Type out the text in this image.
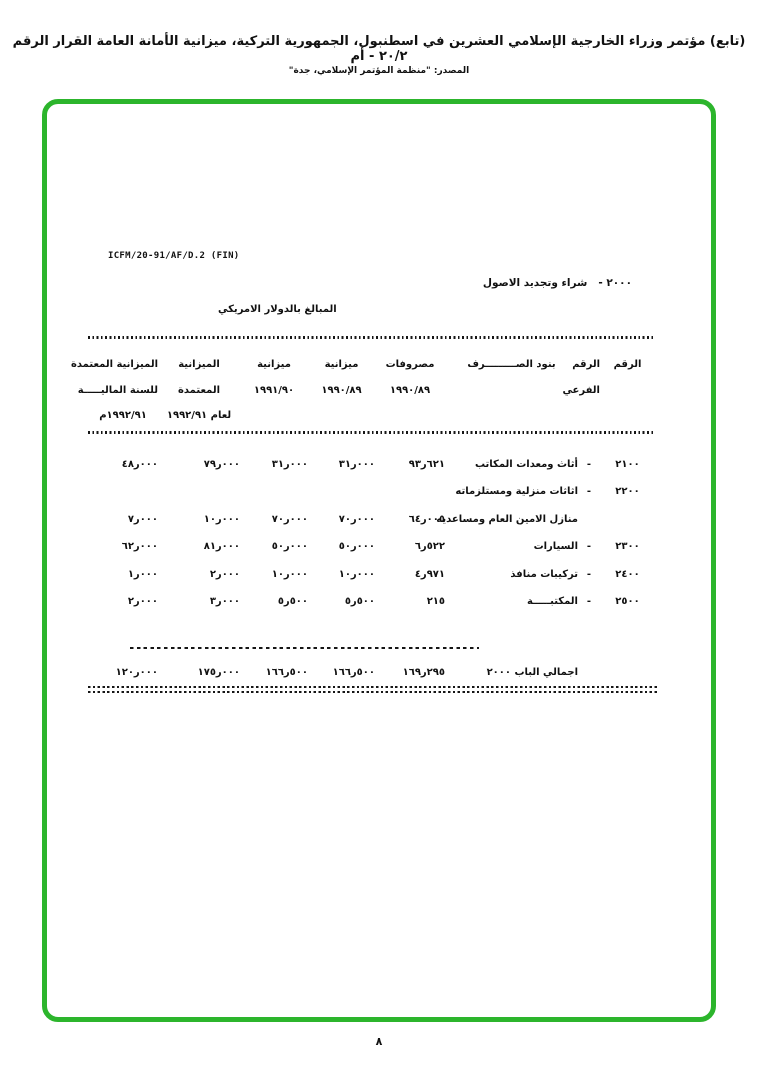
(تابع) مؤتمر وزراء الخارجية الإسلامي العشرين في اسطنبول، الجمهورية التركية، ميزانية الأمانة العامة القرار الرقم ٢٠/٢ - أم
المصدر: "منظمة المؤتمر الإسلامي، جدة"
ICFM/20-91/AF/D.2 (FIN)
٢٠٠٠ -   شراء وتجديد الاصول
المبالغ بالدولار الامريكي
الرقم
الرقم
الفرعي
بنود الصـــــــــرف
مصروفات
١٩٩٠/٨٩
ميزانية
١٩٩٠/٨٩
ميزانية
١٩٩١/٩٠
الميزانية
المعتمدة
لعام ١٩٩٢/٩١
الميزانية المعتمدة
للسنة الماليـــــة
١٩٩٢/٩١م
٢١٠٠
-
أثاث ومعدات المكاتب
٩٣ر٦٢١
٣١ر٠٠٠
٣١ر٠٠٠
٧٩ر٠٠٠
٤٨ر٠٠٠
٢٢٠٠
-
اثاثات منزلية ومستلزماته
منازل الامين العام ومساعديه
٦٤ر٠٠٥
٧٠ر٠٠٠
٧٠ر٠٠٠
١٠ر٠٠٠
٧ر٠٠٠
٢٣٠٠
-
السيارات
٦ر٥٢٢
٥٠ر٠٠٠
٥٠ر٠٠٠
٨١ر٠٠٠
٦٢ر٠٠٠
٢٤٠٠
-
تركيبات منافذ
٤ر٩٧١
١٠ر٠٠٠
١٠ر٠٠٠
٢ر٠٠٠
١ر٠٠٠
٢٥٠٠
-
المكتبـــــة
٢١٥
٥ر٥٠٠
٥ر٥٠٠
٣ر٠٠٠
٢ر٠٠٠
اجمالي الباب ٢٠٠٠
١٦٩ر٢٩٥
١٦٦ر٥٠٠
١٦٦ر٥٠٠
١٧٥ر٠٠٠
١٢٠ر٠٠٠
٨
